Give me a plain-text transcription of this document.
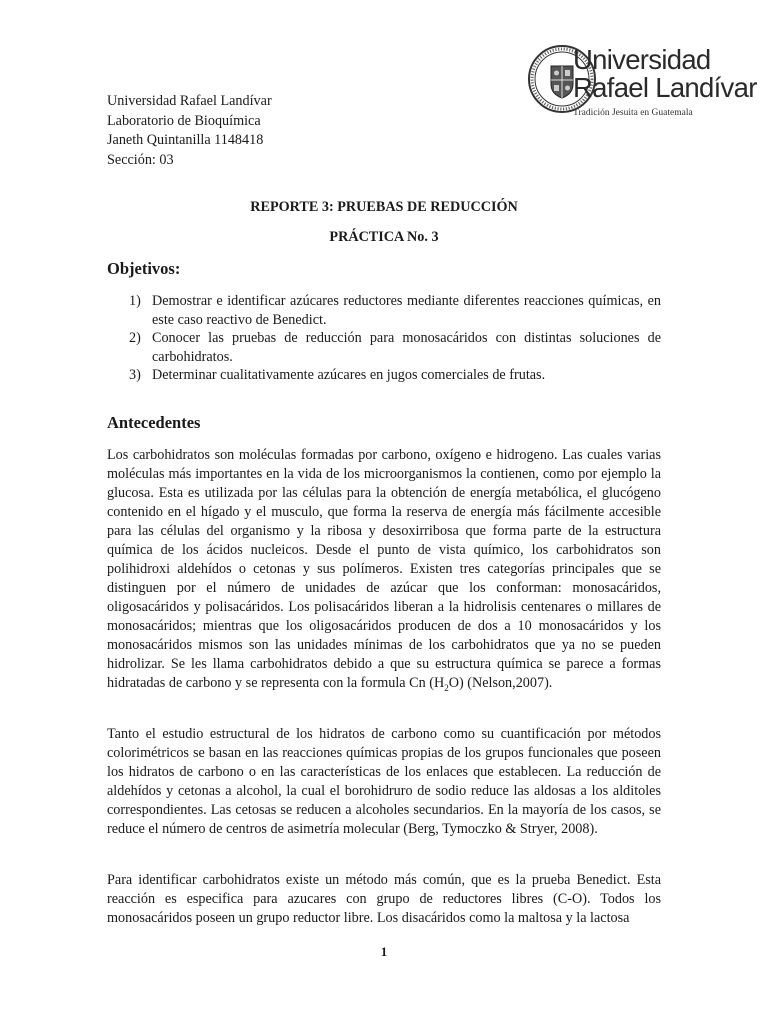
Universidad
Rafael Landívar
Tradición Jesuita en Guatemala
Universidad Rafael Landívar
Laboratorio de Bioquímica
Janeth Quintanilla 1148418
Sección: 03
REPORTE 3: PRUEBAS DE REDUCCIÓN
PRÁCTICA No. 3
Objetivos:
1) Demostrar e identificar azúcares reductores mediante diferentes reacciones químicas, en este caso reactivo de Benedict.
2) Conocer las pruebas de reducción para monosacáridos con distintas soluciones de carbohidratos.
3) Determinar cualitativamente azúcares en jugos comerciales de frutas.
Antecedentes

Los carbohidratos son moléculas formadas por carbono, oxígeno e hidrogeno. Las cuales varias moléculas más importantes en la vida de los microorganismos la contienen, como por ejemplo la glucosa. Esta es utilizada por las células para la obtención de energía metabólica, el glucógeno contenido en el hígado y el musculo, que forma la reserva de energía más fácilmente accesible para las células del organismo y la ribosa y desoxirribosa que forma parte de la estructura química de los ácidos nucleicos. Desde el punto de vista químico, los carbohidratos son polihidroxi aldehídos o cetonas y sus polímeros. Existen tres categorías principales que se distinguen por el número de unidades de azúcar que los conforman: monosacáridos, oligosacáridos y polisacáridos. Los polisacáridos liberan a la hidrolisis centenares o millares de monosacáridos; mientras que los oligosacáridos producen de dos a 10 monosacáridos y los monosacáridos mismos son las unidades mínimas de los carbohidratos que ya no se pueden hidrolizar. Se les llama carbohidratos debido a que su estructura química se parece a formas hidratadas de carbono y se representa con la formula Cn $(H_2O)$ (Nelson,2007).

Tanto el estudio estructural de los hidratos de carbono como su cuantificación por métodos colorimétricos se basan en las reacciones químicas propias de los grupos funcionales que poseen los hidratos de carbono o en las características de los enlaces que establecen. La reducción de aldehídos y cetonas a alcohol, la cual el borohidruro de sodio reduce las aldosas a los alditoles correspondientes. Las cetosas se reducen a alcoholes secundarios. En la mayoría de los casos, se reduce el número de centros de asimetría molecular (Berg, Tymoczko & Stryer, 2008).

Para identificar carbohidratos existe un método más común, que es la prueba Benedict. Esta reacción es especifica para azucares con grupo de reductores libres (C-O). Todos los monosacáridos poseen un grupo reductor libre. Los disacáridos como la maltosa y la lactosa

1
